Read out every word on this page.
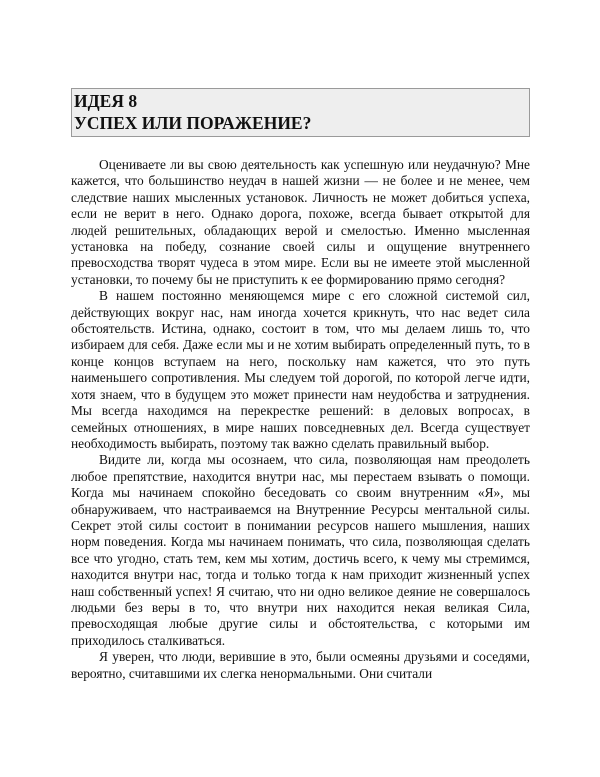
ИДЕЯ 8
УСПЕХ ИЛИ ПОРАЖЕНИЕ?

Оцениваете ли вы свою деятельность как успешную или неудачную? Мне кажется, что большинство неудач в нашей жизни — не более и не менее, чем следствие наших мысленных установок. Личность не может добиться успеха, если не верит в него. Однако дорога, похоже, всегда бывает открытой для людей решительных, обладающих верой и смелостью. Именно мысленная установка на победу, сознание своей силы и ощущение внутреннего превосходства творят чудеса в этом мире. Если вы не имеете этой мысленной установки, то почему бы не приступить к ее формированию прямо сегодня?

В нашем постоянно меняющемся мире с его сложной системой сил, действующих вокруг нас, нам иногда хочется крикнуть, что нас ведет сила обстоятельств. Истина, однако, состоит в том, что мы делаем лишь то, что избираем для себя. Даже если мы и не хотим выбирать определенный путь, то в конце концов вступаем на него, поскольку нам кажется, что это путь наименьшего сопротивления. Мы следуем той дорогой, по которой легче идти, хотя знаем, что в будущем это может принести нам неудобства и затруднения. Мы всегда находимся на перекрестке решений: в деловых вопросах, в семейных отношениях, в мире наших повседневных дел. Всегда существует необходимость выбирать, поэтому так важно сделать правильный выбор.

Видите ли, когда мы осознаем, что сила, позволяющая нам преодолеть любое препятствие, находится внутри нас, мы перестаем взывать о помощи. Когда мы начинаем спокойно беседовать со своим внутренним «Я», мы обнаруживаем, что настраиваемся на Внутренние Ресурсы ментальной силы. Секрет этой силы состоит в понимании ресурсов нашего мышления, наших норм поведения. Когда мы начинаем понимать, что сила, позволяющая сделать все что угодно, стать тем, кем мы хотим, достичь всего, к чему мы стремимся, находится внутри нас, тогда и только тогда к нам приходит жизненный успех наш собственный успех! Я считаю, что ни одно великое деяние не совершалось людьми без веры в то, что внутри них находится некая великая Сила, превосходящая любые другие силы и обстоятельства, с которыми им приходилось сталкиваться.

Я уверен, что люди, верившие в это, были осмеяны друзьями и соседями, вероятно, считавшими их слегка ненормальными. Они считали
